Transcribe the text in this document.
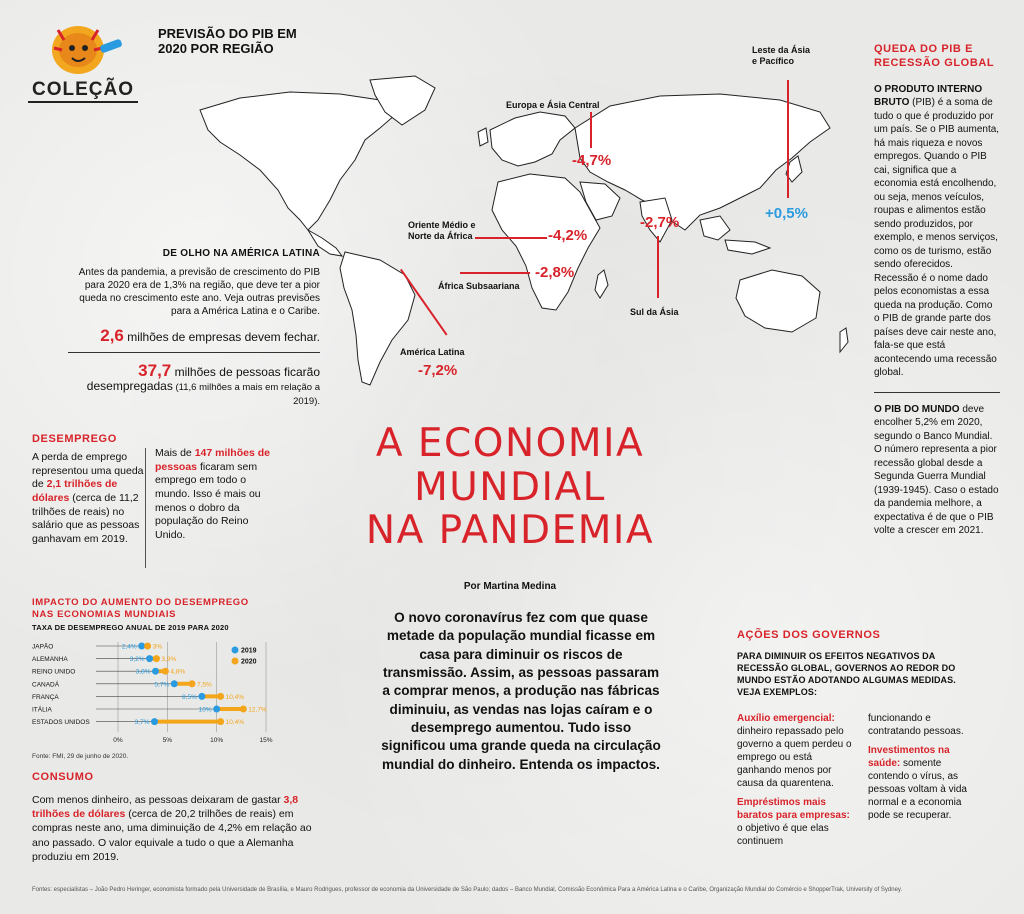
COLEÇÃO
PREVISÃO DO PIB EM 2020 POR REGIÃO	Leste da Ásia e Pacífico
+0,5%
Europa e Ásia Central
-4,7%
Oriente Médio e Norte da África	-4,2%
Sul da Ásia
-2,7%
África Subsaariana
-2,8%
América Latina
-7,2%
DE OLHO NA AMÉRICA LATINA

Antes da pandemia, a previsão de crescimento do PIB para 2020 era de 1,3% na região, que deve ter a pior queda no crescimento este ano. Veja outras previsões para a América Latina e o Caribe.

2,6 milhões de empresas devem fechar.
37,7 milhões de pessoas ficarão desempregadas (11,6 milhões a mais em relação a 2019).
QUEDA DO PIB E RECESSÃO GLOBAL

O PRODUTO INTERNO BRUTO (PIB) é a soma de tudo o que é produzido por um país. Se o PIB aumenta, há mais riqueza e novos empregos. Quando o PIB cai, significa que a economia está encolhendo, ou seja, menos veículos, roupas e alimentos estão sendo produzidos, por exemplo, e menos serviços, como os de turismo, estão sendo oferecidos. Recessão é o nome dado pelos economistas a essa queda na produção. Como o PIB de grande parte dos países deve cair neste ano, fala-se que está acontecendo uma recessão global.

O PIB DO MUNDO deve encolher 5,2% em 2020, segundo o Banco Mundial. O número representa a pior recessão global desde a Segunda Guerra Mundial (1939-1945). Caso o estado da pandemia melhore, a expectativa é de que o PIB volte a crescer em 2021.

A ECONOMIA
MUNDIAL
NA PANDEMIA
Por Martina Medina

O novo coronavírus fez com que quase metade da população mundial ficasse em casa para diminuir os riscos de transmissão. Assim, as pessoas passaram a comprar menos, a produção nas fábricas diminuiu, as vendas nas lojas caíram e o desemprego aumentou. Tudo isso significou uma grande queda na circulação mundial do dinheiro. Entenda os impactos.

DESEMPREGO

A perda de emprego representou uma queda de 2,1 trilhões de dólares (cerca de 11,2 trilhões de reais) no salário que as pessoas ganhavam em 2019.

Mais de 147 milhões de pessoas ficaram sem emprego em todo o mundo. Isso é mais ou menos o dobro da população do Reino Unido.

IMPACTO DO AUMENTO DO DESEMPREGO NAS ECONOMIAS MUNDIAIS
TAXA DE DESEMPREGO ANUAL DE 2019 PARA 2020
0%	5%	10%	15%
2019
2020
JAPÃO	2,4% 3%
ALEMANHA	3,2%	3,9%
REINO UNIDO	3,8%	4,8%
CANADÁ	5,7%	7,5%
FRANÇA	8,5%	10,4%
ITÁLIA	10%	12,7%
ESTADOS UNIDOS	3,7%	10,4%
Fonte: FMI, 29 de junho de 2020.
CONSUMO

Com menos dinheiro, as pessoas deixaram de gastar 3,8 trilhões de dólares (cerca de 20,2 trilhões de reais) em compras neste ano, uma diminuição de 4,2% em relação ao ano passado. O valor equivale a tudo o que a Alemanha produziu em 2019.

AÇÕES DOS GOVERNOS

PARA DIMINUIR OS EFEITOS NEGATIVOS DA RECESSÃO GLOBAL, GOVERNOS AO REDOR DO MUNDO ESTÃO ADOTANDO ALGUMAS MEDIDAS. VEJA EXEMPLOS:

Auxílio emergencial: dinheiro repassado pelo governo a quem perdeu o emprego ou está ganhando menos por causa da quarentena.

Empréstimos mais baratos para empresas: o objetivo é que elas continuem

funcionando e contratando pessoas.

Investimentos na saúde: somente contendo o vírus, as pessoas voltam à vida normal e a economia pode se recuperar.

Fontes: especialistas – João Pedro Heringer, economista formado pela Universidade de Brasília, e Mauro Rodrigues, professor de economia da Universidade de São Paulo; dados – Banco Mundial, Comissão Econômica Para a América Latina e o Caribe, Organização Mundial do Comércio e ShopperTrak, University of Sydney.
